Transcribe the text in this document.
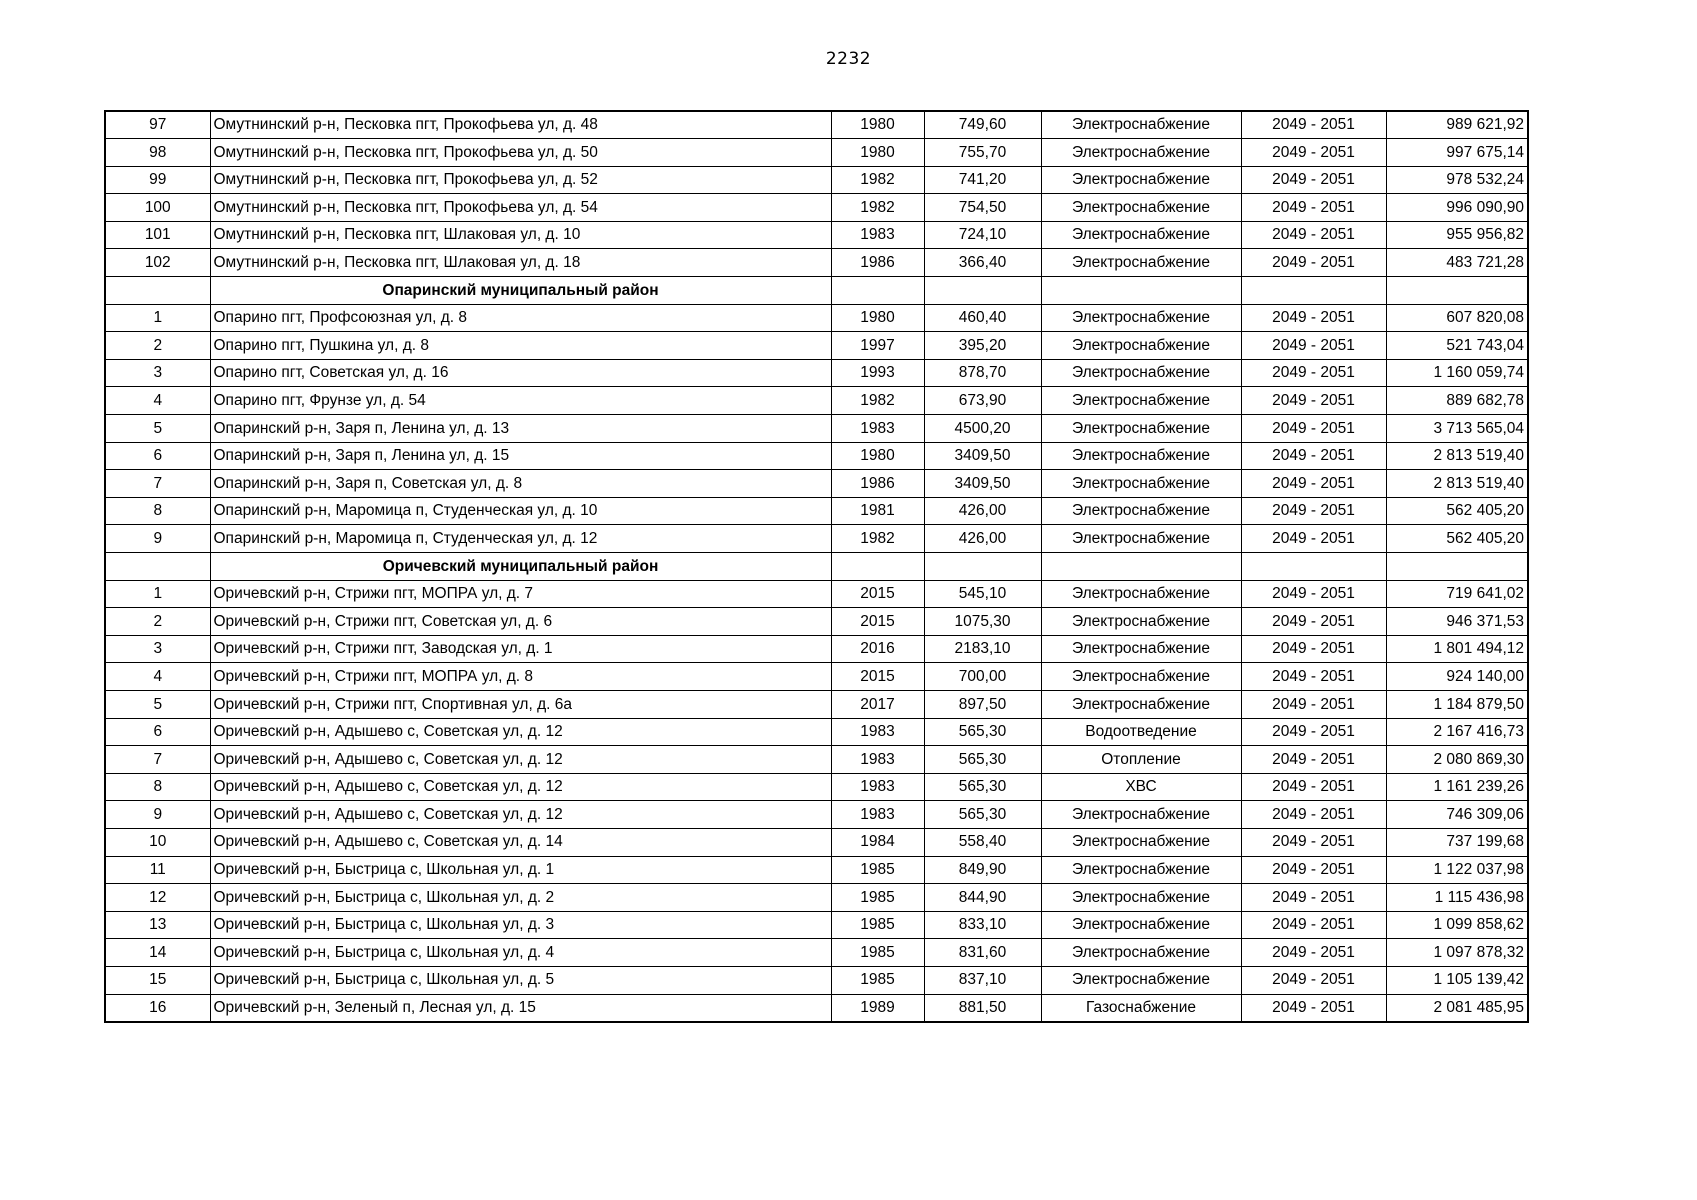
2232
97	Омутнинский р-н, Песковка пгт, Прокофьева ул, д. 48	1980	749,60	Электроснабжение	2049 - 2051	989 621,92
98	Омутнинский р-н, Песковка пгт, Прокофьева ул, д. 50	1980	755,70	Электроснабжение	2049 - 2051	997 675,14
99	Омутнинский р-н, Песковка пгт, Прокофьева ул, д. 52	1982	741,20	Электроснабжение	2049 - 2051	978 532,24
100	Омутнинский р-н, Песковка пгт, Прокофьева ул, д. 54	1982	754,50	Электроснабжение	2049 - 2051	996 090,90
101	Омутнинский р-н, Песковка пгт, Шлаковая ул, д. 10	1983	724,10	Электроснабжение	2049 - 2051	955 956,82
102	Омутнинский р-н, Песковка пгт, Шлаковая ул, д. 18	1986	366,40	Электроснабжение	2049 - 2051	483 721,28
	Опаринский муниципальный район					
1	Опарино пгт, Профсоюзная ул, д. 8	1980	460,40	Электроснабжение	2049 - 2051	607 820,08
2	Опарино пгт, Пушкина ул, д. 8	1997	395,20	Электроснабжение	2049 - 2051	521 743,04
3	Опарино пгт, Советская ул, д. 16	1993	878,70	Электроснабжение	2049 - 2051	1 160 059,74
4	Опарино пгт, Фрунзе ул, д. 54	1982	673,90	Электроснабжение	2049 - 2051	889 682,78
5	Опаринский р-н, Заря п, Ленина ул, д. 13	1983	4500,20	Электроснабжение	2049 - 2051	3 713 565,04
6	Опаринский р-н, Заря п, Ленина ул, д. 15	1980	3409,50	Электроснабжение	2049 - 2051	2 813 519,40
7	Опаринский р-н, Заря п, Советская ул, д. 8	1986	3409,50	Электроснабжение	2049 - 2051	2 813 519,40
8	Опаринский р-н, Маромица п, Студенческая ул, д. 10	1981	426,00	Электроснабжение	2049 - 2051	562 405,20
9	Опаринский р-н, Маромица п, Студенческая ул, д. 12	1982	426,00	Электроснабжение	2049 - 2051	562 405,20
	Оричевский муниципальный район					
1	Оричевский р-н, Стрижи пгт, МОПРА ул, д. 7	2015	545,10	Электроснабжение	2049 - 2051	719 641,02
2	Оричевский р-н, Стрижи пгт, Советская ул, д. 6	2015	1075,30	Электроснабжение	2049 - 2051	946 371,53
3	Оричевский р-н, Стрижи пгт, Заводская ул, д. 1	2016	2183,10	Электроснабжение	2049 - 2051	1 801 494,12
4	Оричевский р-н, Стрижи пгт, МОПРА ул, д. 8	2015	700,00	Электроснабжение	2049 - 2051	924 140,00
5	Оричевский р-н, Стрижи пгт, Спортивная ул, д. 6а	2017	897,50	Электроснабжение	2049 - 2051	1 184 879,50
6	Оричевский р-н, Адышево с, Советская ул, д. 12	1983	565,30	Водоотведение	2049 - 2051	2 167 416,73
7	Оричевский р-н, Адышево с, Советская ул, д. 12	1983	565,30	Отопление	2049 - 2051	2 080 869,30
8	Оричевский р-н, Адышево с, Советская ул, д. 12	1983	565,30	ХВС	2049 - 2051	1 161 239,26
9	Оричевский р-н, Адышево с, Советская ул, д. 12	1983	565,30	Электроснабжение	2049 - 2051	746 309,06
10	Оричевский р-н, Адышево с, Советская ул, д. 14	1984	558,40	Электроснабжение	2049 - 2051	737 199,68
11	Оричевский р-н, Быстрица с, Школьная ул, д. 1	1985	849,90	Электроснабжение	2049 - 2051	1 122 037,98
12	Оричевский р-н, Быстрица с, Школьная ул, д. 2	1985	844,90	Электроснабжение	2049 - 2051	1 115 436,98
13	Оричевский р-н, Быстрица с, Школьная ул, д. 3	1985	833,10	Электроснабжение	2049 - 2051	1 099 858,62
14	Оричевский р-н, Быстрица с, Школьная ул, д. 4	1985	831,60	Электроснабжение	2049 - 2051	1 097 878,32
15	Оричевский р-н, Быстрица с, Школьная ул, д. 5	1985	837,10	Электроснабжение	2049 - 2051	1 105 139,42
16	Оричевский р-н, Зеленый п, Лесная ул, д. 15	1989	881,50	Газоснабжение	2049 - 2051	2 081 485,95
